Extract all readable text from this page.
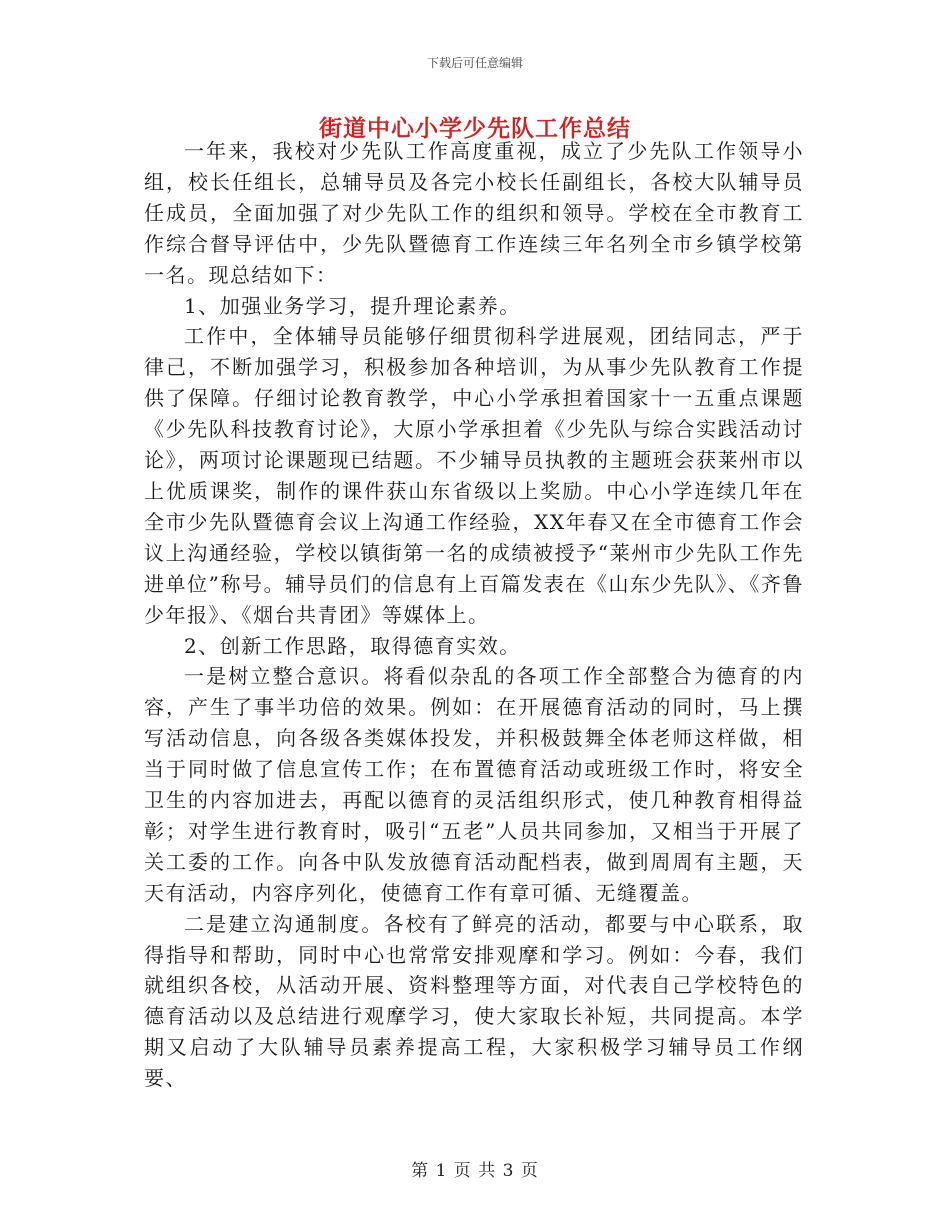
下载后可任意编辑
街道中心小学少先队工作总结

一年来，我校对少先队工作高度重视，成立了少先队工作领导小组，校长任组长，总辅导员及各完小校长任副组长，各校大队辅导员任成员，全面加强了对少先队工作的组织和领导。学校在全市教育工作综合督导评估中，少先队暨德育工作连续三年名列全市乡镇学校第一名。现总结如下：

1、加强业务学习，提升理论素养。

工作中，全体辅导员能够仔细贯彻科学进展观，团结同志，严于律己，不断加强学习，积极参加各种培训，为从事少先队教育工作提供了保障。仔细讨论教育教学，中心小学承担着国家十一五重点课题《少先队科技教育讨论》，大原小学承担着《少先队与综合实践活动讨论》，两项讨论课题现已结题。不少辅导员执教的主题班会获莱州市以上优质课奖，制作的课件获山东省级以上奖励。中心小学连续几年在全市少先队暨德育会议上沟通工作经验，XX年春又在全市德育工作会议上沟通经验，学校以镇街第一名的成绩被授予“莱州市少先队工作先进单位”称号。辅导员们的信息有上百篇发表在《山东少先队》、《齐鲁少年报》、《烟台共青团》等媒体上。

2、创新工作思路，取得德育实效。

一是树立整合意识。将看似杂乱的各项工作全部整合为德育的内容，产生了事半功倍的效果。例如：在开展德育活动的同时，马上撰写活动信息，向各级各类媒体投发，并积极鼓舞全体老师这样做，相当于同时做了信息宣传工作；在布置德育活动或班级工作时，将安全卫生的内容加进去，再配以德育的灵活组织形式，使几种教育相得益彰；对学生进行教育时，吸引“五老”人员共同参加，又相当于开展了关工委的工作。向各中队发放德育活动配档表，做到周周有主题，天天有活动，内容序列化，使德育工作有章可循、无缝覆盖。

二是建立沟通制度。各校有了鲜亮的活动，都要与中心联系，取得指导和帮助，同时中心也常常安排观摩和学习。例如：今春，我们就组织各校，从活动开展、资料整理等方面，对代表自己学校特色的德育活动以及总结进行观摩学习，使大家取长补短，共同提高。本学期又启动了大队辅导员素养提高工程，大家积极学习辅导员工作纲要、

第 1 页 共 3 页
